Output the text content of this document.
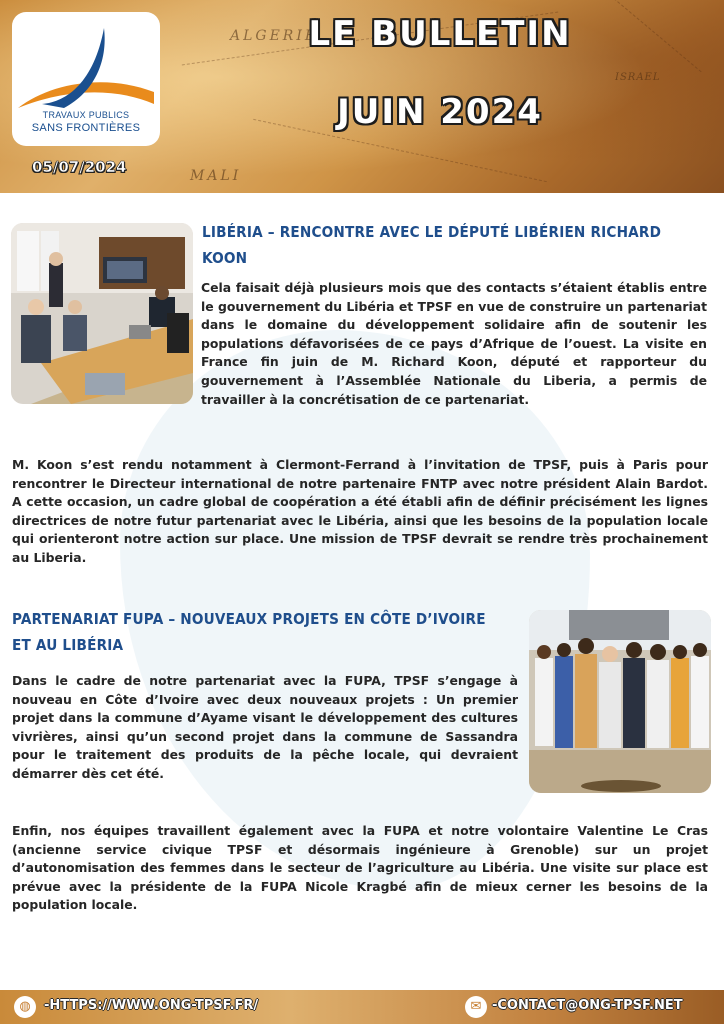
ALGERIE
MALI
ISRAEL
TRAVAUX PUBLICS
SANS FRONTIÈRES
05/07/2024
LE BULLETIN
JUIN 2024
LIBÉRIA – RENCONTRE AVEC LE DÉPUTÉ LIBÉRIEN RICHARD
KOON

Cela faisait déjà plusieurs mois que des contacts s’étaient établis entre le gouvernement du Libéria et TPSF en vue de construire un partenariat dans le domaine du développement solidaire afin de soutenir les populations défavorisées de ce pays d’Afrique de l’ouest. La visite en France fin juin de M. Richard Koon, député et rapporteur du gouvernement à l’Assemblée Nationale du Liberia, a permis de travailler à la concrétisation de ce partenariat.

M. Koon s’est rendu notamment à Clermont-Ferrand à l’invitation de TPSF, puis à Paris pour rencontrer le Directeur international de notre partenaire FNTP avec notre président Alain Bardot. A cette occasion, un cadre global de coopération a été établi afin de définir précisément les lignes directrices de notre futur partenariat avec le Libéria, ainsi que les besoins de la population locale qui orienteront notre action sur place. Une mission de TPSF devrait se rendre très prochainement au Liberia.

PARTENARIAT FUPA – NOUVEAUX PROJETS EN CÔTE D’IVOIRE
ET AU LIBÉRIA

Dans le cadre de notre partenariat avec la FUPA, TPSF s’engage à nouveau en Côte d’Ivoire avec deux nouveaux projets : Un premier projet dans la commune d’Ayame visant le développement des cultures vivrières, ainsi qu’un second projet dans la commune de Sassandra pour le traitement des produits de la pêche locale, qui devraient démarrer dès cet été.

Enfin, nos équipes travaillent également avec la FUPA et notre volontaire Valentine Le Cras (ancienne service civique TPSF et désormais ingénieure à Grenoble) sur un projet d’autonomisation des femmes dans le secteur de l’agriculture au Libéria. Une visite sur place est prévue avec la présidente de la FUPA Nicole Kragbé afin de mieux cerner les besoins de la population locale.

◍	-HTTPS://WWW.ONG-TPSF.FR/	✉ -CONTACT@ONG-TPSF.NET
